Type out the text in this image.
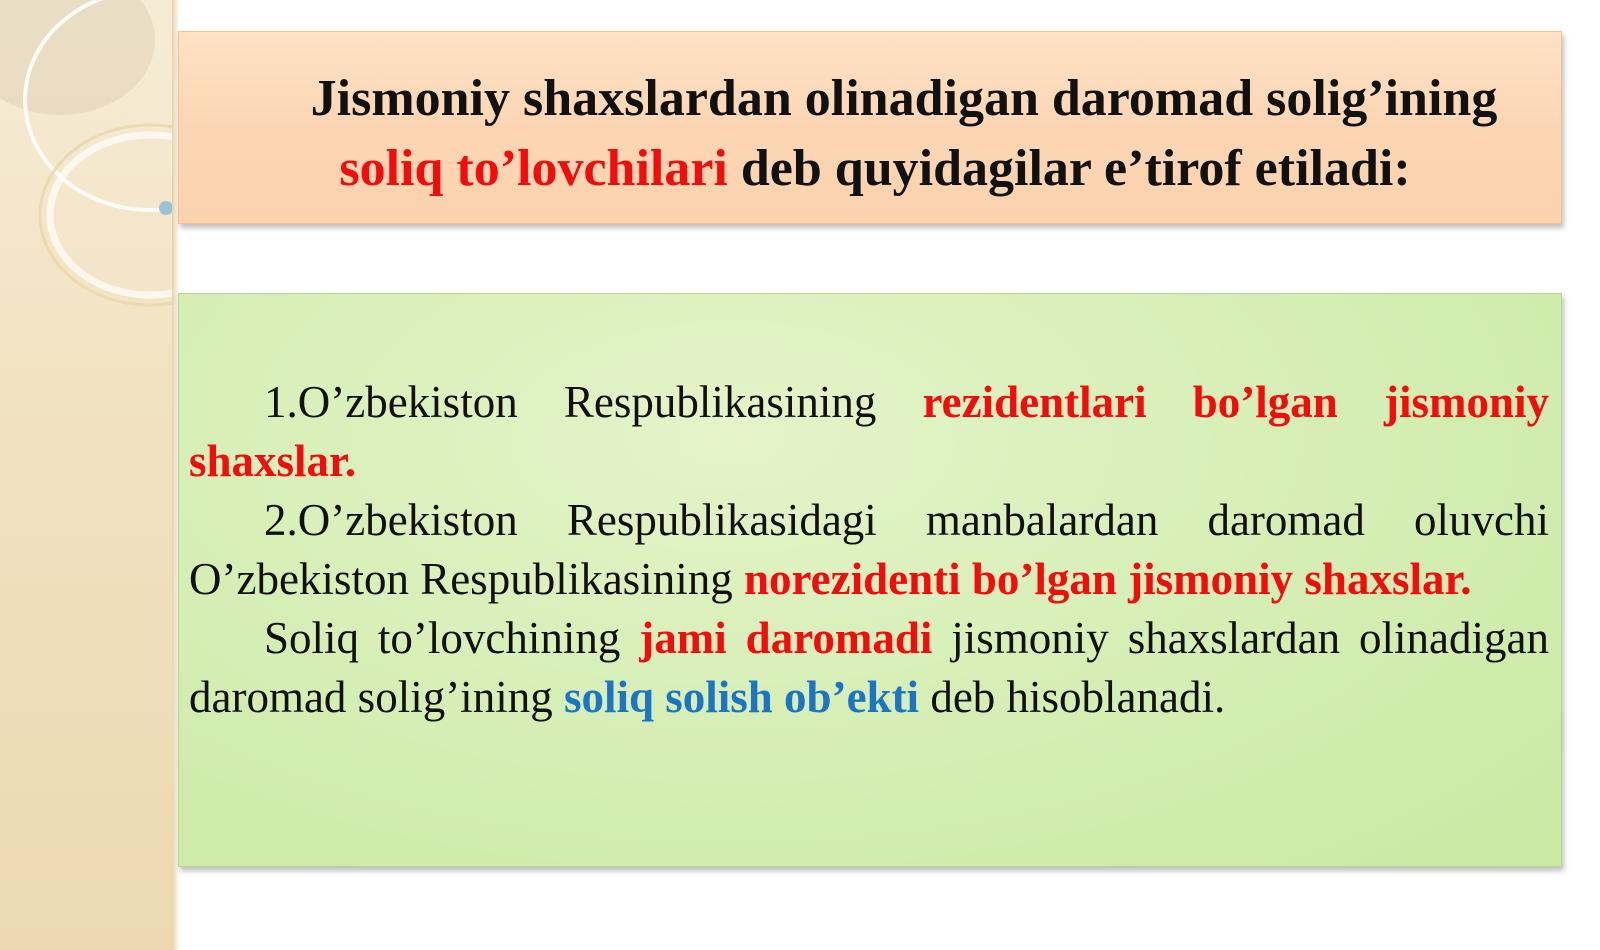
Jismoniy shaxslardan olinadigan daromad solig’ining
soliq to’lovchilari deb quyidagilar e’tirof etiladi:

1.O’zbekiston Respublikasining rezidentlari bo’lgan jismoniy shaxslar.

2.O’zbekiston Respublikasidagi manbalardan daromad oluvchi O’zbekiston Respublikasining norezidenti bo’lgan jismoniy shaxslar.

Soliq to’lovchining jami daromadi jismoniy shaxslardan olinadigan daromad solig’ining soliq solish ob’ekti deb hisoblanadi.
